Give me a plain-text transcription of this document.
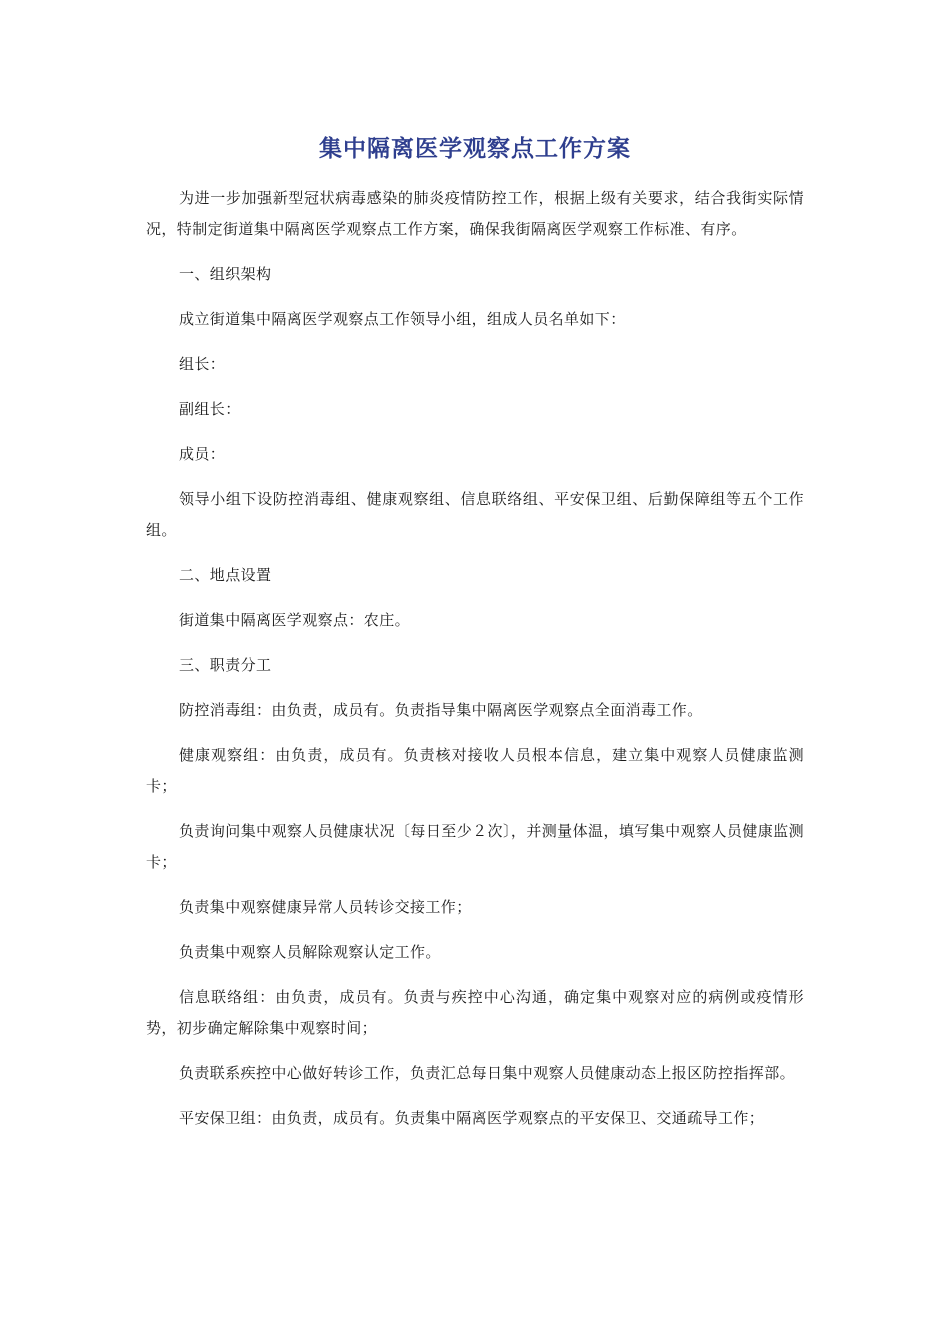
集中隔离医学观察点工作方案

为进一步加强新型冠状病毒感染的肺炎疫情防控工作，根据上级有关要求，结合我街实际情况，特制定街道集中隔离医学观察点工作方案，确保我街隔离医学观察工作标准、有序。

一、组织架构

成立街道集中隔离医学观察点工作领导小组，组成人员名单如下：

组长：

副组长：

成员：

领导小组下设防控消毒组、健康观察组、信息联络组、平安保卫组、后勤保障组等五个工作组。

二、地点设置

街道集中隔离医学观察点：农庄。

三、职责分工

防控消毒组：由负责，成员有。负责指导集中隔离医学观察点全面消毒工作。

健康观察组：由负责，成员有。负责核对接收人员根本信息，建立集中观察人员健康监测卡；

负责询问集中观察人员健康状况〔每日至少２次〕，并测量体温，填写集中观察人员健康监测卡；

负责集中观察健康异常人员转诊交接工作；

负责集中观察人员解除观察认定工作。

信息联络组：由负责，成员有。负责与疾控中心沟通，确定集中观察对应的病例或疫情形势，初步确定解除集中观察时间；

负责联系疾控中心做好转诊工作，负责汇总每日集中观察人员健康动态上报区防控指挥部。

平安保卫组：由负责，成员有。负责集中隔离医学观察点的平安保卫、交通疏导工作；
